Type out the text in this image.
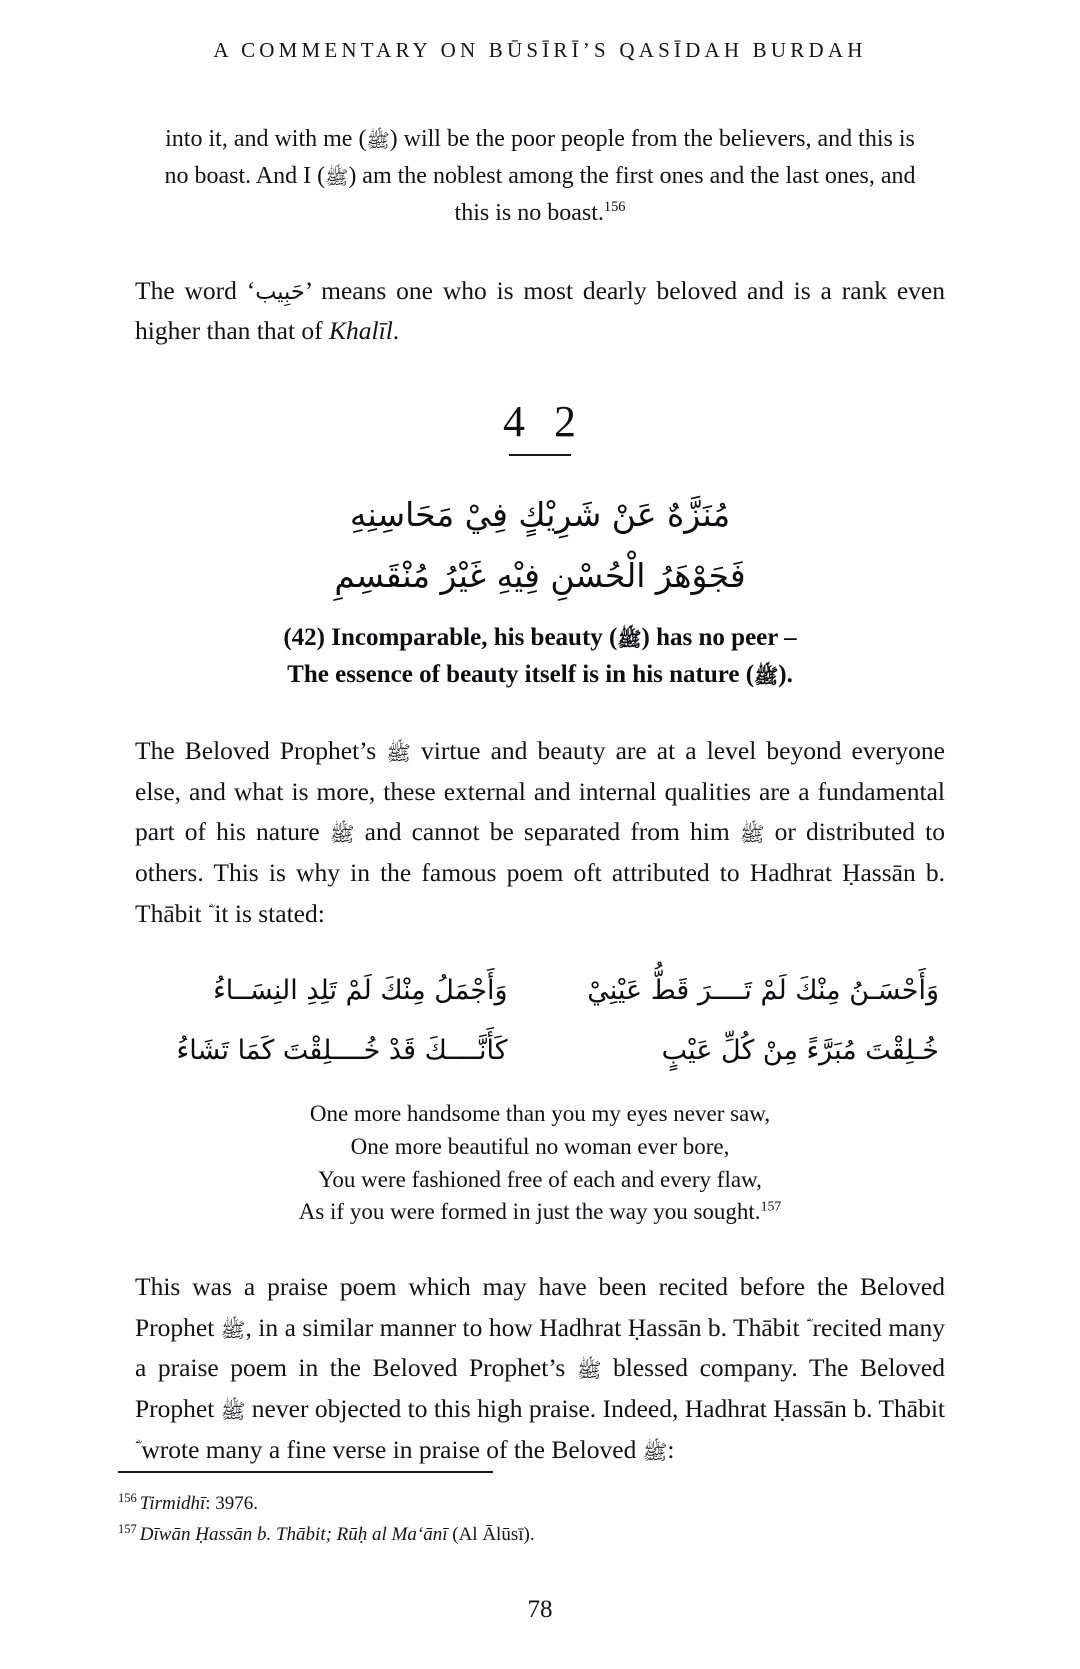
A COMMENTARY ON BŪSĪRĪ’S QASĪDAH BURDAH
into it, and with me (ﷺ) will be the poor people from the believers, and this is no boast. And I (ﷺ) am the noblest among the first ones and the last ones, and this is no boast.$^{156}$

The word ‘حَبِيب’ means one who is most dearly beloved and is a rank even higher than that of Khalīl.

4 2
مُنَزَّهٌ عَنْ شَرِيْكٍ فِيْ مَحَاسِنِهِ
فَجَوْهَرُ الْحُسْنِ فِيْهِ غَيْرُ مُنْقَسِمِ
(42) Incomparable, his beauty (ﷺ) has no peer –
The essence of beauty itself is in his nature (ﷺ).

The Beloved Prophet’s ﷺ virtue and beauty are at a level beyond everyone else, and what is more, these external and internal qualities are a fundamental part of his nature ﷺ and cannot be separated from him ﷺ or distributed to others. This is why in the famous poem oft attributed to Hadhrat Ḥassān b. Thābit  it is stated:

وَأَحْسَـنُ مِنْكَ لَمْ تَــــرَ قَطُّ عَيْنِيْ
وَأَجْمَلُ مِنْكَ لَمْ تَلِدِ النِسَــاءُ
خُـلِقْتَ مُبَرَّءً مِنْ كُلِّ عَيْبٍ
كَأَنَّــــكَ قَدْ خُــــلِقْتَ كَمَا تَشَاءُ
One more handsome than you my eyes never saw,
One more beautiful no woman ever bore,
You were fashioned free of each and every flaw,
As if you were formed in just the way you sought.$^{157}$

This was a praise poem which may have been recited before the Beloved Prophet ﷺ, in a similar manner to how Hadhrat Ḥassān b. Thābit  recited many a praise poem in the Beloved Prophet’s ﷺ blessed company. The Beloved Prophet ﷺ never objected to this high praise. Indeed, Hadhrat Ḥassān b. Thābit  wrote many a fine verse in praise of the Beloved ﷺ:

$^{156}$ Tirmidhī: 3976.
$^{157}$ Dīwān Ḥassān b. Thābit; Rūḥ al Ma‘ānī (Al Ālūsī).
78
